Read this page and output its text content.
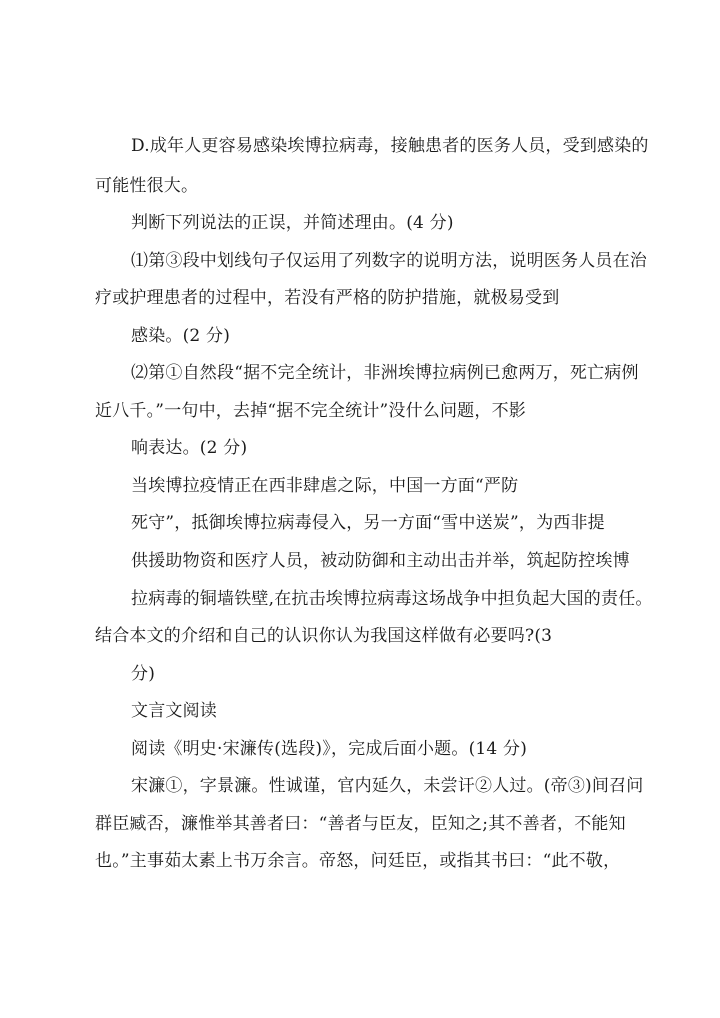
D.成年人更容易感染埃博拉病毒，接触患者的医务人员，受到感染的
可能性很大。
判断下列说法的正误，并简述理由。(4 分)
⑴第③段中划线句子仅运用了列数字的说明方法，说明医务人员在治
疗或护理患者的过程中，若没有严格的防护措施，就极易受到
感染。(2 分)
⑵第①自然段“据不完全统计，非洲埃博拉病例已愈两万，死亡病例
近八千。”一句中，去掉“据不完全统计”没什么问题，不影
响表达。(2 分)
当埃博拉疫情正在西非肆虐之际，中国一方面“严防
死守”，抵御埃博拉病毒侵入，另一方面“雪中送炭”，为西非提
供援助物资和医疗人员，被动防御和主动出击并举，筑起防控埃博
拉病毒的铜墙铁壁,在抗击埃博拉病毒这场战争中担负起大国的责任。
结合本文的介绍和自己的认识你认为我国这样做有必要吗?(3
分)
文言文阅读
阅读《明史·宋濂传(选段)》，完成后面小题。(14 分)
宋濂①，字景濂。性诚谨，官内延久，未尝讦②人过。(帝③)间召问
群臣臧否，濂惟举其善者曰：“善者与臣友，臣知之;其不善者，不能知
也。”主事茹太素上书万余言。帝怒，问廷臣，或指其书曰：“此不敬，
